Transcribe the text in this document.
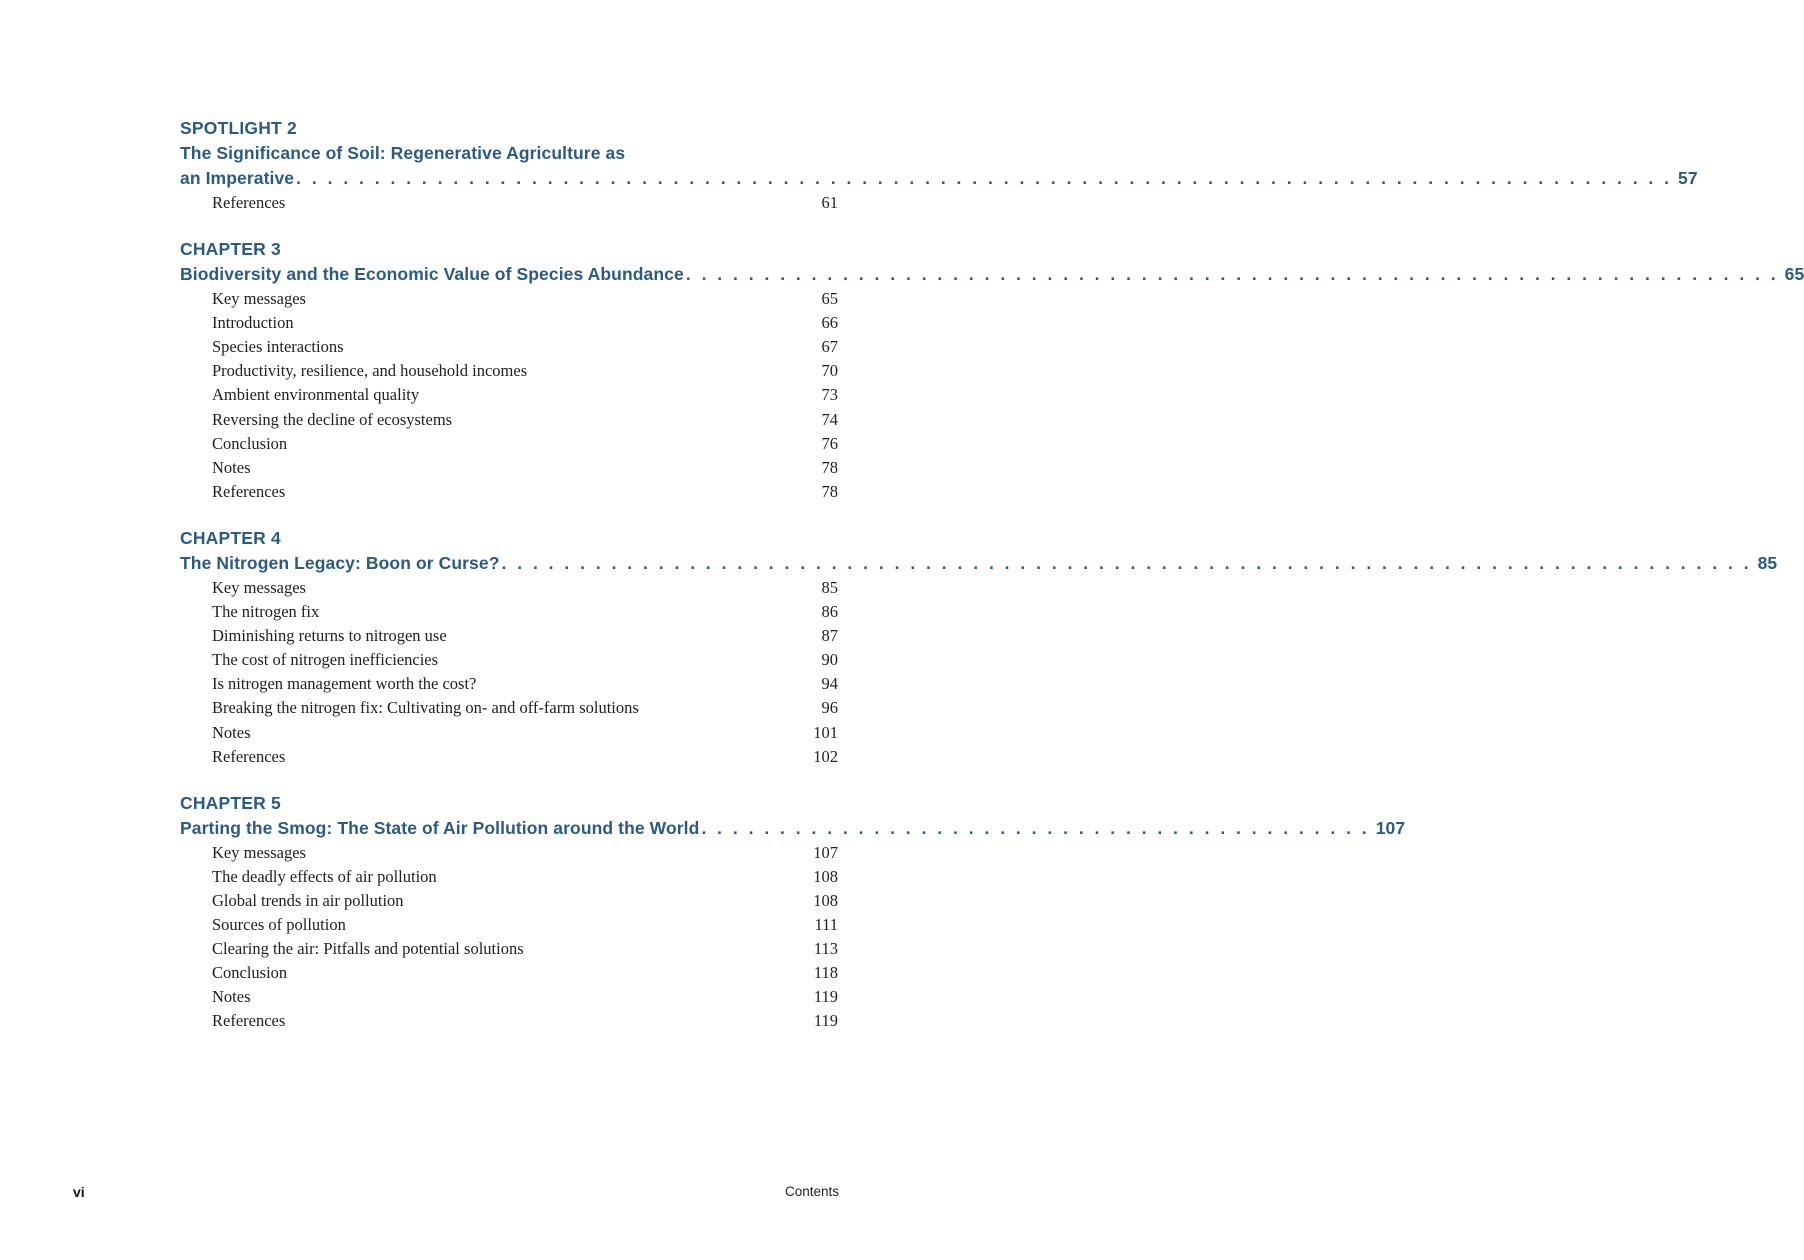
SPOTLIGHT 2
The Significance of Soil: Regenerative Agriculture as
an Imperative . . . . . . . . . . . . . . . . . . . . . . . . . . . . . . . . . . . . . . . . . . . . . . . . . . . . . . . . . . . . . . . . . . . . . . . . . . . . . . . . . . . . . . . . 57
References	61
CHAPTER 3
Biodiversity and the Economic Value of Species Abundance . . . . . . . . . . . . . . . . . . . . . . . . . . . . . . . . . . . . . . . . . . . . . . . . . . . . . . . . . . . . . . . . . . . . . . 65
Key messages	65
Introduction	66
Species interactions	67
Productivity, resilience, and household incomes	70
Ambient environmental quality	73
Reversing the decline of ecosystems	74
Conclusion	76
Notes	78
References	78
CHAPTER 4
The Nitrogen Legacy: Boon or Curse? . . . . . . . . . . . . . . . . . . . . . . . . . . . . . . . . . . . . . . . . . . . . . . . . . . . . . . . . . . . . . . . . . . . . . . . . . . . . . . . . 85
Key messages	85
The nitrogen fix	86
Diminishing returns to nitrogen use	87
The cost of nitrogen inefficiencies	90
Is nitrogen management worth the cost?	94
Breaking the nitrogen fix: Cultivating on- and off-farm solutions	96
Notes	101
References	102
CHAPTER 5
Parting the Smog: The State of Air Pollution around the World . . . . . . . . . . . . . . . . . . . . . . . . . . . . . . . . . . . . . . . . . . . 107
Key messages	107
The deadly effects of air pollution	108
Global trends in air pollution	108
Sources of pollution	111
Clearing the air: Pitfalls and potential solutions	113
Conclusion	118
Notes	119
References	119
vi	Contents
